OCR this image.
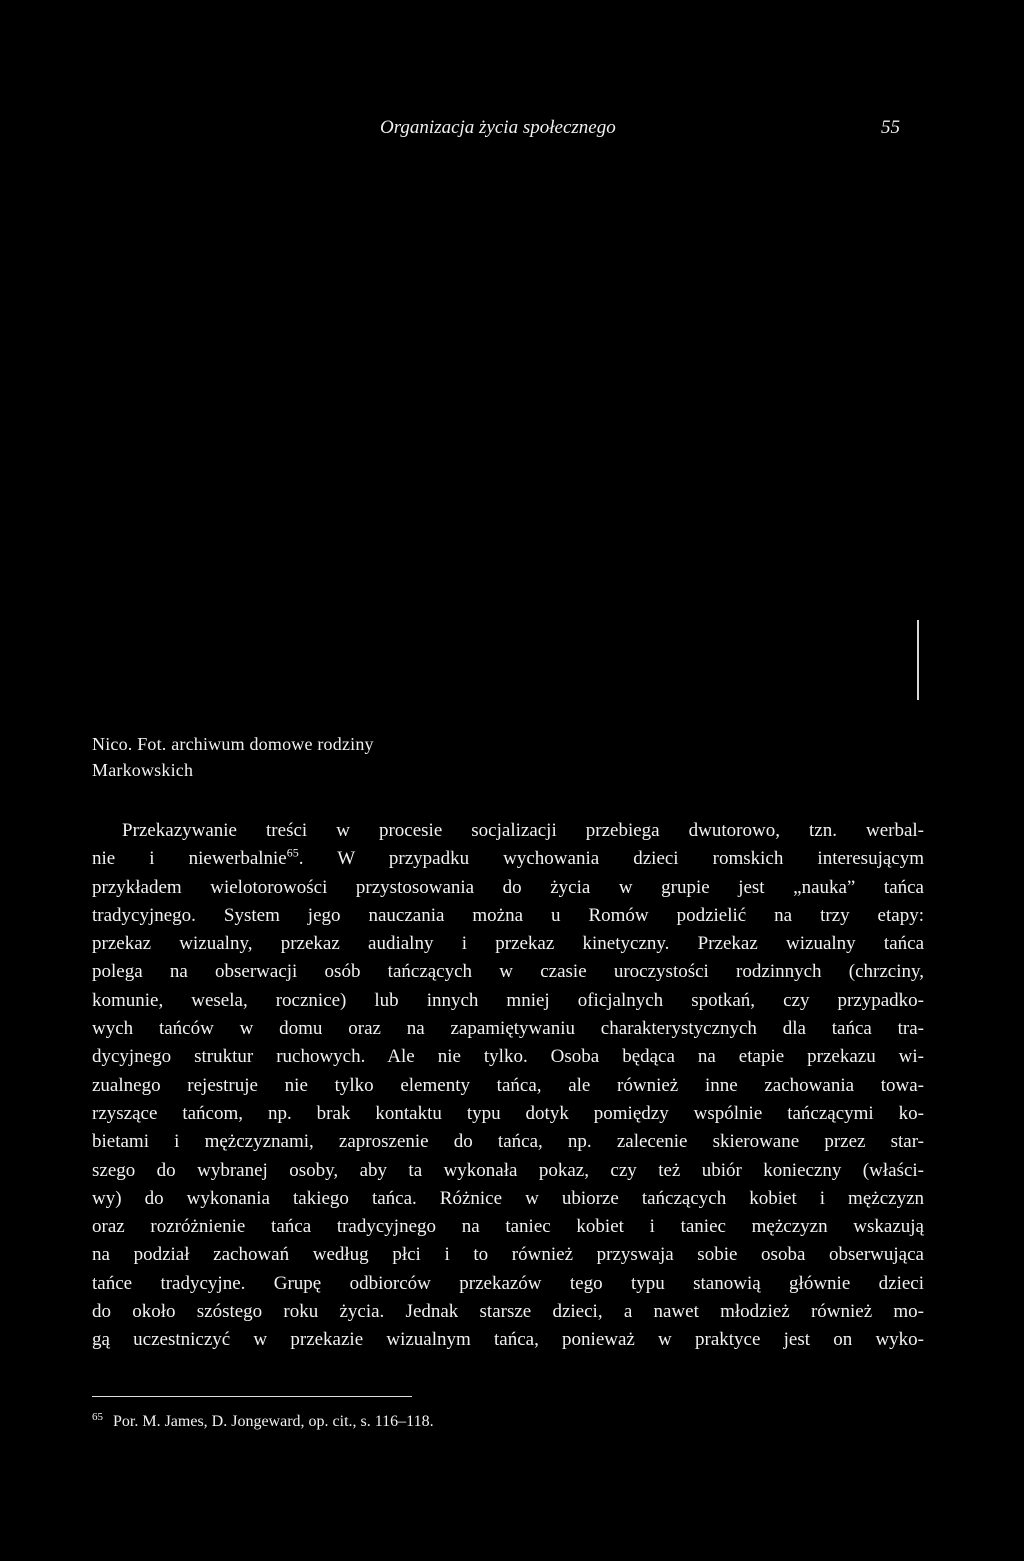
Organizacja życia społecznego	55
Nico. Fot. archiwum domowe rodziny
Markowskich
Przekazywanie treści w procesie socjalizacji przebiega dwutorowo, tzn. werbal-
nie i niewerbalnie$^{65}$. W przypadku wychowania dzieci romskich interesującym
przykładem wielotorowości przystosowania do życia w grupie jest „nauka” tańca
tradycyjnego. System jego nauczania można u Romów podzielić na trzy etapy:
przekaz wizualny, przekaz audialny i przekaz kinetyczny. Przekaz wizualny tańca
polega na obserwacji osób tańczących w czasie uroczystości rodzinnych (chrzciny,
komunie, wesela, rocznice) lub innych mniej oficjalnych spotkań, czy przypadko-
wych tańców w domu oraz na zapamiętywaniu charakterystycznych dla tańca tra-
dycyjnego struktur ruchowych. Ale nie tylko. Osoba będąca na etapie przekazu wi-
zualnego rejestruje nie tylko elementy tańca, ale również inne zachowania towa-
rzyszące tańcom, np. brak kontaktu typu dotyk pomiędzy wspólnie tańczącymi ko-
bietami i mężczyznami, zaproszenie do tańca, np. zalecenie skierowane przez star-
szego do wybranej osoby, aby ta wykonała pokaz, czy też ubiór konieczny (właści-
wy) do wykonania takiego tańca. Różnice w ubiorze tańczących kobiet i mężczyzn
oraz rozróżnienie tańca tradycyjnego na taniec kobiet i taniec mężczyzn wskazują
na podział zachowań według płci i to również przyswaja sobie osoba obserwująca
tańce tradycyjne. Grupę odbiorców przekazów tego typu stanowią głównie dzieci
do około szóstego roku życia. Jednak starsze dzieci, a nawet młodzież również mo-
gą uczestniczyć w przekazie wizualnym tańca, ponieważ w praktyce jest on wyko-
$^{65}$ Por. M. James, D. Jongeward, op. cit., s. 116–118.
